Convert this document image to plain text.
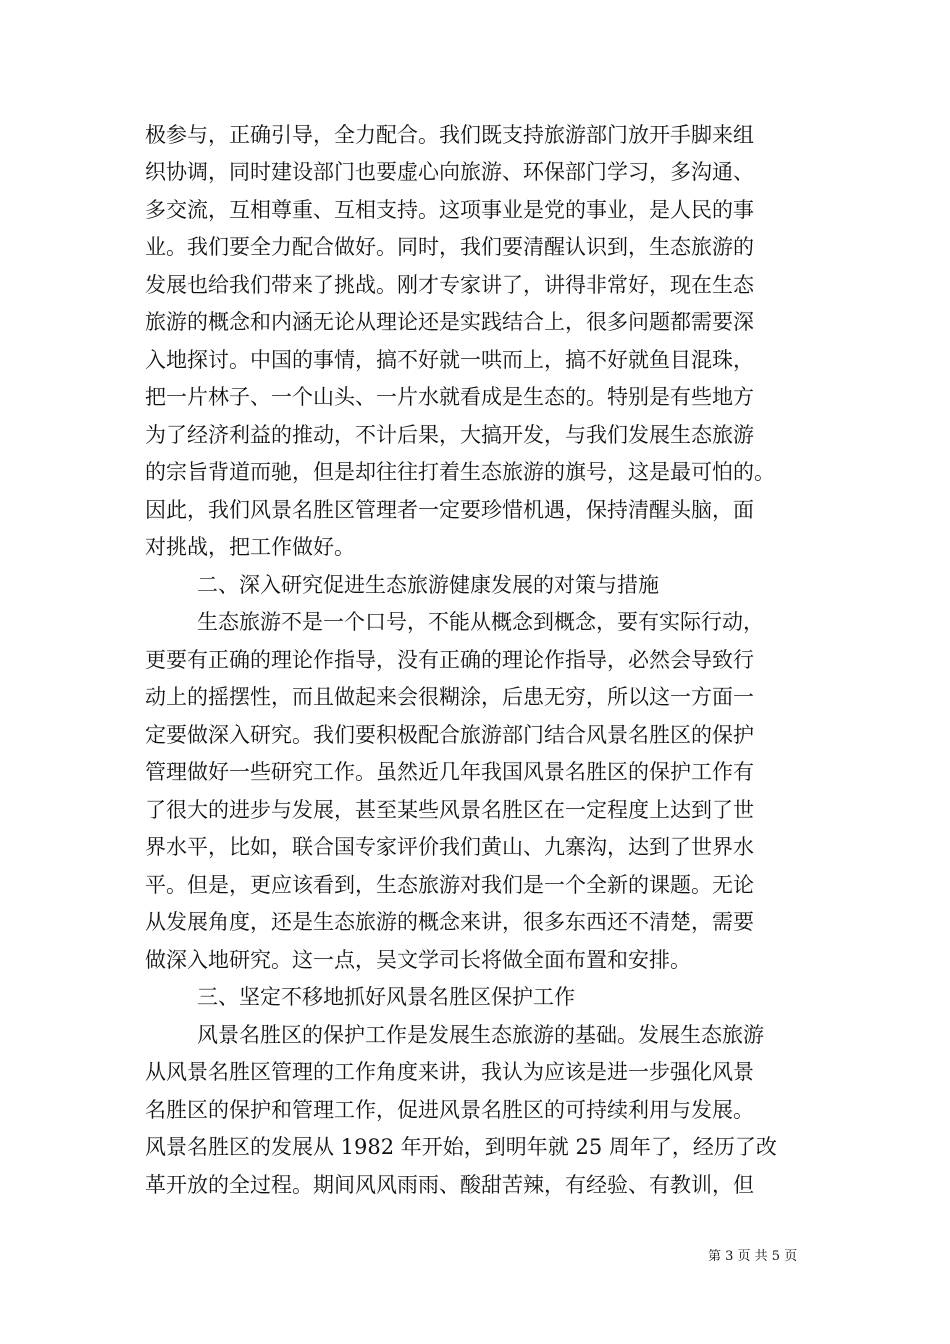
极参与，正确引导，全力配合。我们既支持旅游部门放开手脚来组
织协调，同时建设部门也要虚心向旅游、环保部门学习，多沟通、
多交流，互相尊重、互相支持。这项事业是党的事业，是人民的事
业。我们要全力配合做好。同时，我们要清醒认识到，生态旅游的
发展也给我们带来了挑战。刚才专家讲了，讲得非常好，现在生态
旅游的概念和内涵无论从理论还是实践结合上，很多问题都需要深
入地探讨。中国的事情，搞不好就一哄而上，搞不好就鱼目混珠，
把一片林子、一个山头、一片水就看成是生态的。特别是有些地方
为了经济利益的推动，不计后果，大搞开发，与我们发展生态旅游
的宗旨背道而驰，但是却往往打着生态旅游的旗号，这是最可怕的。
因此，我们风景名胜区管理者一定要珍惜机遇，保持清醒头脑，面
对挑战，把工作做好。
二、深入研究促进生态旅游健康发展的对策与措施
生态旅游不是一个口号，不能从概念到概念，要有实际行动，
更要有正确的理论作指导，没有正确的理论作指导，必然会导致行
动上的摇摆性，而且做起来会很糊涂，后患无穷，所以这一方面一
定要做深入研究。我们要积极配合旅游部门结合风景名胜区的保护
管理做好一些研究工作。虽然近几年我国风景名胜区的保护工作有
了很大的进步与发展，甚至某些风景名胜区在一定程度上达到了世
界水平，比如，联合国专家评价我们黄山、九寨沟，达到了世界水
平。但是，更应该看到，生态旅游对我们是一个全新的课题。无论
从发展角度，还是生态旅游的概念来讲，很多东西还不清楚，需要
做深入地研究。这一点，吴文学司长将做全面布置和安排。
三、坚定不移地抓好风景名胜区保护工作
风景名胜区的保护工作是发展生态旅游的基础。发展生态旅游
从风景名胜区管理的工作角度来讲，我认为应该是进一步强化风景
名胜区的保护和管理工作，促进风景名胜区的可持续利用与发展。
风景名胜区的发展从 1982 年开始，到明年就 25 周年了，经历了改
革开放的全过程。期间风风雨雨、酸甜苦辣，有经验、有教训，但
第 3 页 共 5 页
